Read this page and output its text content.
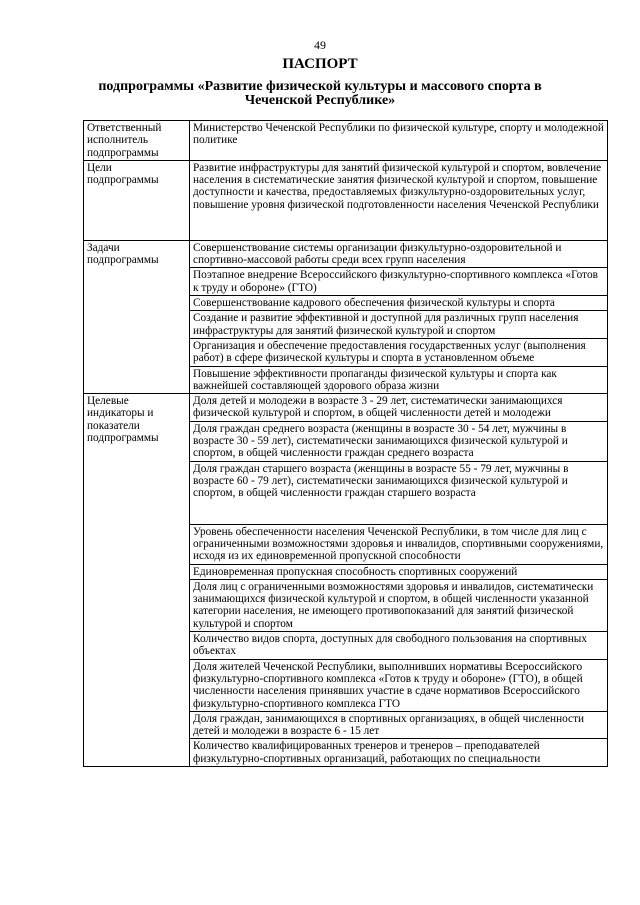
49
ПАСПОРТ
подпрограммы «Развитие физической культуры и массового спорта в Чеченской Республике»
Ответственный исполнитель подпрограммы	Министерство Чеченской Республики по физической культуре, спорту и молодежной политике
Цели подпрограммы	Развитие инфраструктуры для занятий физической культурой и спортом, вовлечение населения в систематические занятия физической культурой и спортом, повышение доступности и качества, предоставляемых физкультурно-оздоровительных услуг, повышение уровня физической подготовленности населения Чеченской Республики
Задачи подпрограммы	Совершенствование системы организации физкультурно-оздоровительной и спортивно-массовой работы среди всех групп населения
	Поэтапное внедрение Всероссийского физкультурно-спортивного комплекса «Готов к труду и обороне» (ГТО)
	Совершенствование кадрового обеспечения физической культуры и спорта
	Создание и развитие эффективной и доступной для различных групп населения инфраструктуры для занятий физической культурой и спортом
	Организация и обеспечение предоставления государственных услуг (выполнения работ) в сфере физической культуры и спорта в установленном объеме
	Повышение эффективности пропаганды физической культуры и спорта как важнейшей составляющей здорового образа жизни
Целевые индикаторы и показатели подпрограммы	Доля детей и молодежи в возрасте 3 - 29 лет, систематически занимающихся физической культурой и спортом, в общей численности детей и молодежи
	Доля граждан среднего возраста (женщины в возрасте 30 - 54 лет, мужчины в возрасте 30 - 59 лет), систематически занимающихся физической культурой и спортом, в общей численности граждан среднего возраста
	Доля граждан старшего возраста (женщины в возрасте 55 - 79 лет, мужчины в возрасте 60 - 79 лет), систематически занимающихся физической культурой и спортом, в общей численности граждан старшего возраста
	Уровень обеспеченности населения Чеченской Республики, в том числе для лиц с ограниченными возможностями здоровья и инвалидов, спортивными сооружениями, исходя из их единовременной пропускной способности
	Единовременная пропускная способность спортивных сооружений
	Доля лиц с ограниченными возможностями здоровья и инвалидов, систематически занимающихся физической культурой и спортом, в общей численности указанной категории населения, не имеющего противопоказаний для занятий физической культурой и спортом
	Количество видов спорта, доступных для свободного пользования на спортивных объектах
	Доля жителей Чеченской Республики, выполнивших нормативы Всероссийского физкультурно-спортивного комплекса «Готов к труду и обороне» (ГТО), в общей численности населения принявших участие в сдаче нормативов Всероссийского физкультурно-спортивного комплекса ГТО
	Доля граждан, занимающихся в спортивных организациях, в общей численности детей и молодежи в возрасте 6 - 15 лет
	Количество квалифицированных тренеров и тренеров – преподавателей физкультурно-спортивных организаций, работающих по специальности
